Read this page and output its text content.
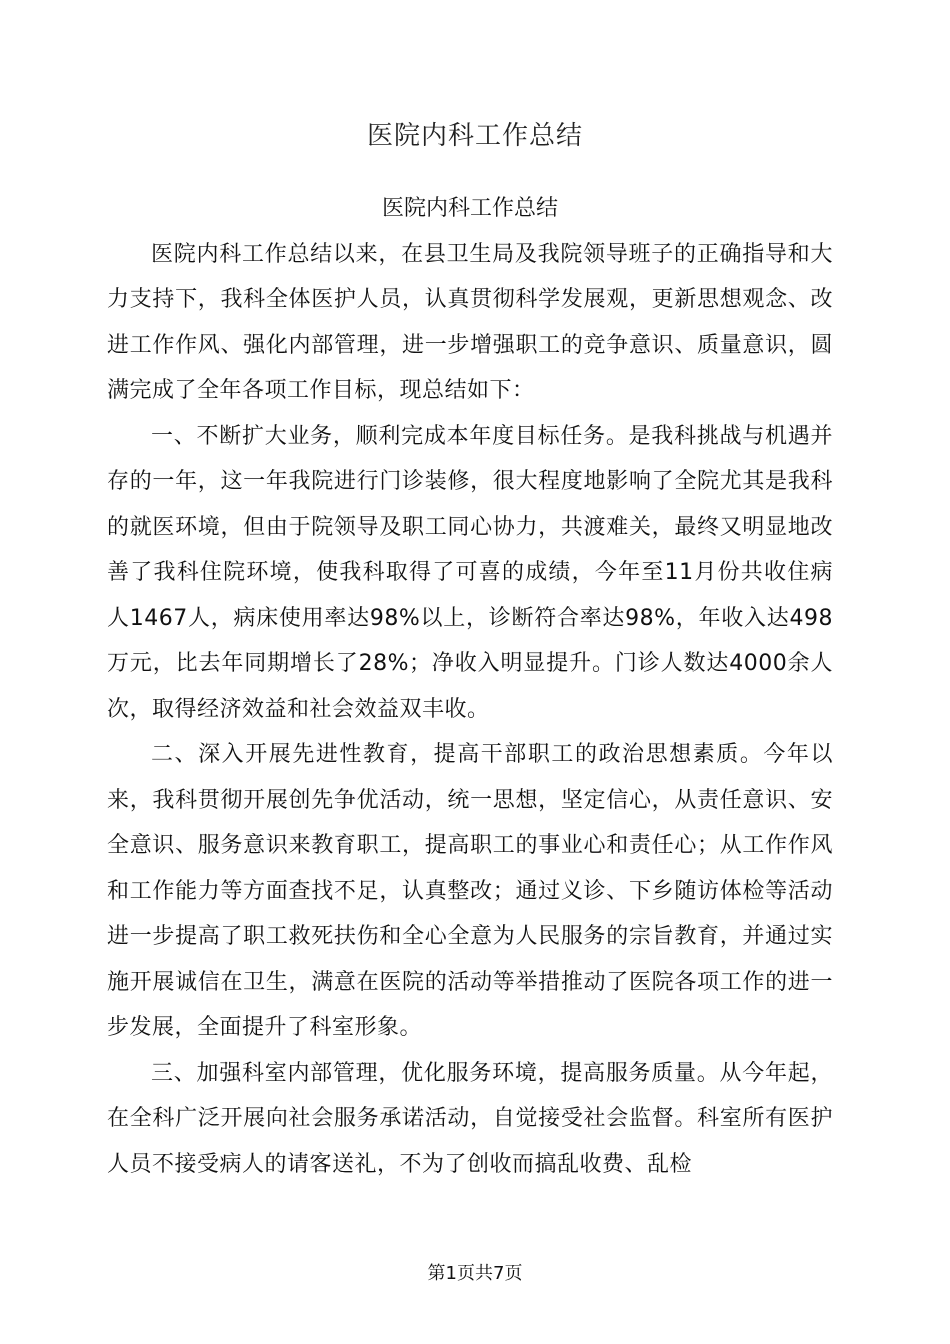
医院内科工作总结
医院内科工作总结

医院内科工作总结以来，在县卫生局及我院领导班子的正确指导和大力支持下，我科全体医护人员，认真贯彻科学发展观，更新思想观念、改进工作作风、强化内部管理，进一步增强职工的竞争意识、质量意识，圆满完成了全年各项工作目标，现总结如下：

一、不断扩大业务，顺利完成本年度目标任务。是我科挑战与机遇并存的一年，这一年我院进行门诊装修，很大程度地影响了全院尤其是我科的就医环境，但由于院领导及职工同心协力，共渡难关，最终又明显地改善了我科住院环境，使我科取得了可喜的成绩，今年至11月份共收住病人1467人，病床使用率达98%以上，诊断符合率达98%，年收入达498万元，比去年同期增长了28%；净收入明显提升。门诊人数达4000余人次，取得经济效益和社会效益双丰收。

二、深入开展先进性教育，提高干部职工的政治思想素质。今年以来，我科贯彻开展创先争优活动，统一思想，坚定信心，从责任意识、安全意识、服务意识来教育职工，提高职工的事业心和责任心；从工作作风和工作能力等方面查找不足，认真整改；通过义诊、下乡随访体检等活动进一步提高了职工救死扶伤和全心全意为人民服务的宗旨教育，并通过实施开展诚信在卫生，满意在医院的活动等举措推动了医院各项工作的进一步发展，全面提升了科室形象。

三、加强科室内部管理，优化服务环境，提高服务质量。从今年起，在全科广泛开展向社会服务承诺活动，自觉接受社会监督。科室所有医护人员不接受病人的请客送礼，不为了创收而搞乱收费、乱检

第1页共7页
